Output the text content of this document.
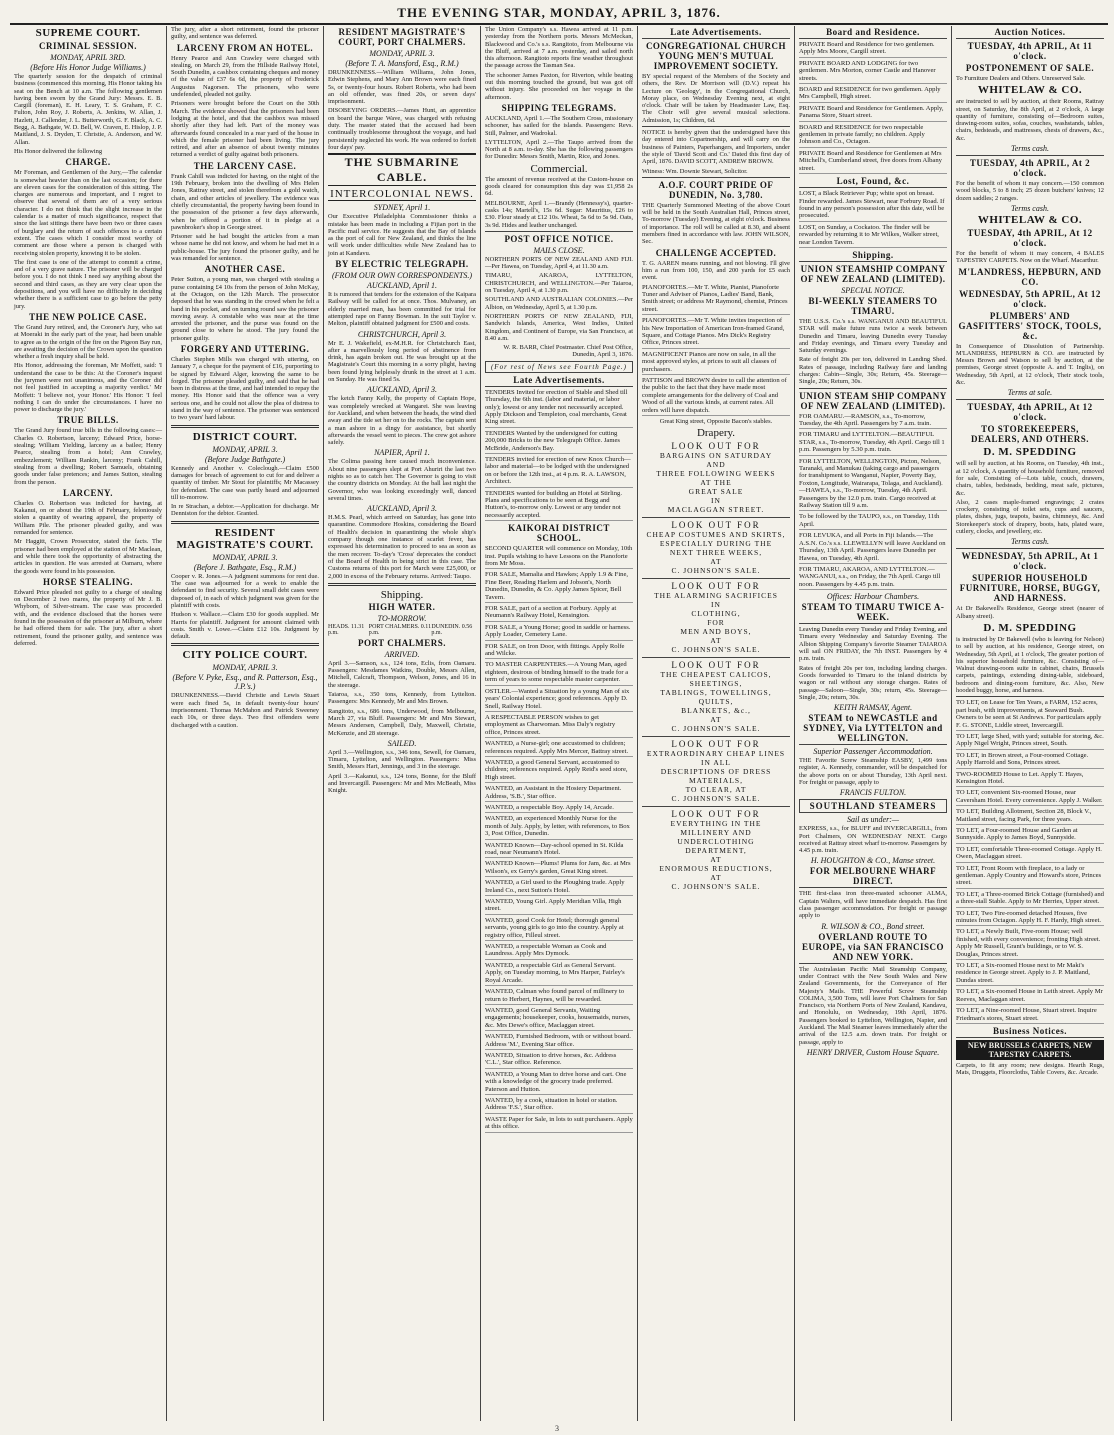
THE EVENING STAR, MONDAY, APRIL 3, 1876.
SUPREME COURT.
CRIMINAL SESSION.
MONDAY, APRIL 3RD.
(Before His Honor Judge Williams.)

The quarterly session for the despatch of criminal business (commenced this morning, His Honor taking his seat on the Bench at 10 a.m. The following gentlemen having been sworn by the Grand Jury: Messrs. E. B. Cargill (foreman), E. H. Leary, T. S. Graham, F. C. Fulton, John Roy, J. Roberts, A. Jenkins, W. Allan, J. Hazlett, J. Callender, J. L. Butterworth, G. F. Black, A. C. Begg, A. Bathgate, W. D. Bell, W. Craven, E. Hislop, J. P. Maitland, J. S. Dryden, T. Christie, A. Anderson, and W. Allan.

His Honor delivered the following

CHARGE.

Mr Foreman, and Gentlemen of the Jury,—The calendar is somewhat heavier than on the last occasion; for there are eleven cases for the consideration of this sitting. The charges are numerous and important, and I regret to observe that several of them are of a very serious character. I do not think that the slight increase in the calendar is a matter of much significance, respect that since the last sittings there have been two or three cases of burglary and the return of such offences to a certain extent. The cases which I consider most worthy of comment are those where a person is charged with receiving stolen property, knowing it to be stolen.

The first case is one of the attempt to commit a crime, and of a very grave nature. The prisoner will be charged before you. I do not think I need say anything about the second and third cases, as they are very clear upon the depositions, and you will have no difficulty in deciding whether there is a sufficient case to go before the petty jury.

THE NEW POLICE CASE.

The Grand Jury retired, and, the Coroner's Jury, who sat at Moeraki in the early part of the year, had been unable to agree as to the origin of the fire on the Pigeon Bay run, are awaiting the decision of the Crown upon the question whether a fresh inquiry shall be held.

His Honor, addressing the foreman, Mr Moffett, said: 'I understand the case to be this: At the Coroner's inquest the jurymen were not unanimous, and the Coroner did not feel justified in accepting a majority verdict.' Mr Moffett: 'I believe not, your Honor.' His Honor: 'I feel nothing I can do under the circumstances. I have no power to discharge the jury.'

TRUE BILLS.

The Grand Jury found true bills in the following cases:—Charles O. Robertson, larceny; Edward Price, horse-stealing; William Yielding, larceny as a bailee; Henry Pearce, stealing from a hotel; Ann Crawley, embezzlement; William Rankin, larceny; Frank Cahill, stealing from a dwelling; Robert Samuels, obtaining goods under false pretences; and James Sutton, stealing from the person.

LARCENY.

Charles O. Robertson was indicted for having, at Kakanui, on or about the 19th of February, feloniously stolen a quantity of wearing apparel, the property of William Pile. The prisoner pleaded guilty, and was remanded for sentence.

Mr Haggitt, Crown Prosecutor, stated the facts. The prisoner had been employed at the station of Mr Maclean, and while there took the opportunity of abstracting the articles in question. He was arrested at Oamaru, where the goods were found in his possession.

HORSE STEALING.

Edward Price pleaded not guilty to a charge of stealing on December 2 two mares, the property of Mr J. B. Whyborn, of Silver-stream. The case was proceeded with, and the evidence disclosed that the horses were found in the possession of the prisoner at Milburn, where he had offered them for sale. The jury, after a short retirement, found the prisoner guilty, and sentence was deferred.

The jury, after a short retirement, found the prisoner guilty, and sentence was deferred.

LARCENY FROM AN HOTEL.

Henry Pearce and Ann Crawley were charged with stealing, on March 29, from the Hillside Railway Hotel, South Dunedin, a cashbox containing cheques and money of the value of £37 6s 6d, the property of Frederick Augustus Nagorsen. The prisoners, who were undefended, pleaded not guilty.

Prisoners were brought before the Court on the 30th March. The evidence showed that the prisoners had been lodging at the hotel, and that the cashbox was missed shortly after they had left. Part of the money was afterwards found concealed in a rear yard of the house in which the female prisoner had been living. The jury retired, and after an absence of about twenty minutes returned a verdict of guilty against both prisoners.

THE LARCENY CASE.

Frank Cahill was indicted for having, on the night of the 19th February, broken into the dwelling of Mrs Helen Jones, Rattray street, and stolen therefrom a gold watch, chain, and other articles of jewellery. The evidence was chiefly circumstantial, the property having been found in the possession of the prisoner a few days afterwards, when he offered a portion of it in pledge at a pawnbroker's shop in George street.

Prisoner said he had bought the articles from a man whose name he did not know, and whom he had met in a public-house. The jury found the prisoner guilty, and he was remanded for sentence.

ANOTHER CASE.

Peter Sutton, a young man, was charged with stealing a purse containing £4 10s from the person of John McKay, at the Octagon, on the 12th March. The prosecutor deposed that he was standing in the crowd when he felt a hand in his pocket, and on turning round saw the prisoner moving away. A constable who was near at the time arrested the prisoner, and the purse was found on the ground close to where he stood. The jury found the prisoner guilty.

FORGERY AND UTTERING.

Charles Stephen Mills was charged with uttering, on January 7, a cheque for the payment of £16, purporting to be signed by Edward Alger, knowing the same to be forged. The prisoner pleaded guilty, and said that he had been in distress at the time, and had intended to repay the money. His Honor said that the offence was a very serious one, and he could not allow the plea of distress to stand in the way of sentence. The prisoner was sentenced to two years' hard labour.

DISTRICT COURT.
MONDAY, APRIL 3.
(Before Judge Bathgate.)

Kennedy and Another v. Coleclough.—Claim £500 damages for breach of agreement to cut for and deliver a quantity of timber. Mr Stout for plaintiffs; Mr Macassey for defendant. The case was partly heard and adjourned till to-morrow.

In re Strachan, a debtor.—Application for discharge. Mr Denniston for the debtor. Granted.

RESIDENT MAGISTRATE'S COURT.
MONDAY, APRIL 3.
(Before J. Bathgate, Esq., R.M.)

Cooper v. R. Jones.—A judgment summons for rent due. The case was adjourned for a week to enable the defendant to find security. Several small debt cases were disposed of, in each of which judgment was given for the plaintiff with costs.

Hudson v. Wallace.—Claim £30 for goods supplied. Mr Harris for plaintiff. Judgment for amount claimed with costs. Smith v. Lowe.—Claim £12 10s. Judgment by default.

CITY POLICE COURT.
MONDAY, APRIL 3.
(Before V. Pyke, Esq., and R. Patterson, Esq., J.P.'s.)

DRUNKENNESS.—David Christie and Lewis Stuart were each fined 5s, in default twenty-four hours' imprisonment. Thomas McMahon and Patrick Sweeney each 10s, or three days. Two first offenders were discharged with a caution.

RESIDENT MAGISTRATE'S COURT, PORT CHALMERS.
MONDAY, APRIL 3.
(Before T. A. Mansford, Esq., R.M.)

DRUNKENNESS.—William Williams, John Jones, Edwin Stephens, and Mary Ann Brown were each fined 5s, or twenty-four hours. Robert Roberts, who had been an old offender, was fined 20s, or seven days' imprisonment.

DISOBEYING ORDERS.—James Hunt, an apprentice on board the barque Wave, was charged with refusing duty. The master stated that the accused had been continually troublesome throughout the voyage, and had persistently neglected his work. He was ordered to forfeit four days' pay.

THE SUBMARINE CABLE.
INTERCOLONIAL NEWS.
SYDNEY, April 1.

Our Executive Philadelphia Commissioner thinks a mistake has been made in including a Fijian port in the Pacific mail service. He suggests that the Bay of Islands as the port of call for New Zealand, and thinks the line will work under difficulties while New Zealand has to join at Kandavu.

BY ELECTRIC TELEGRAPH.
(FROM OUR OWN CORRESPONDENTS.)
AUCKLAND, April 1.

It is rumored that tenders for the extension of the Kaipara Railway will be called for at once. Thos. Mulvaney, an elderly married man, has been committed for trial for attempted rape on Fanny Bowman. In the suit Taylor v. Melton, plaintiff obtained judgment for £500 and costs.

CHRISTCHURCH, April 3.

Mr E. J. Wakefield, ex-M.H.R. for Christchurch East, after a marvellously long period of abstinence from drink, has again broken out. He was brought up at the Magistrate's Court this morning in a sorry plight, having been found lying helplessly drunk in the street at 1 a.m. on Sunday. He was fined 5s.

AUCKLAND, April 3.

The ketch Fanny Kelly, the property of Captain Hope, was completely wrecked at Wangarei. She was leaving for Auckland, and when between the heads, the wind died away and the tide set her on to the rocks. The captain sent a man ashore in a dingy for assistance, but shortly afterwards the vessel went to pieces. The crew got ashore safely.

NAPIER, April 1.

The Colima passing here caused much inconvenience. About nine passengers slept at Port Ahuriri the last two nights so as to catch her. The Governor is going to visit the country districts on Monday. At the ball last night the Governor, who was looking exceedingly well, danced several times.

AUCKLAND, April 3.

H.M.S. Pearl, which arrived on Saturday, has gone into quarantine. Commodore Hoskins, considering the Board of Health's decision in quarantining the whole ship's company though one instance of scarlet fever, has expressed his determination to proceed to sea as soon as the men recover. To-day's 'Cross' deprecates the conduct of the Board of Health in being strict in this case. The Customs returns of this port for March were £25,000, or 2,000 in excess of the February returns. Arrived: Taupo.

Shipping.
HIGH WATER.
TO-MORROW.
HEADS. 11.31 p.m.
PORT CHALMERS. 0.11 p.m.
DUNEDIN. 0.56 p.m.
PORT CHALMERS.
ARRIVED.

April 3.—Samson, s.s., 124 tons, Eclis, from Oamaru. Passengers: Mesdames Watkins, Double, Messrs Allen, Mitchell, Calcraft, Thompson, Welson, Jones, and 16 in the steerage.

Taiaroa, s.s., 350 tons, Kennedy, from Lyttelton. Passengers: Mrs Kennedy, Mr and Mrs Brown.

Rangitoto, s.s., 686 tons, Underwood, from Melbourne, March 27, via Bluff. Passengers: Mr and Mrs Stewart, Messrs Andersen, Campbell, Daly, Maxwell, Christie, McKenzie, and 28 steerage.

SAILED.

April 3.—Wellington, s.s., 346 tons, Sewell, for Oamaru, Timaru, Lyttelton, and Wellington. Passengers: Miss Smith, Messrs Hart, Jennings, and 3 in the steerage.

April 3.—Kakanui, s.s., 124 tons, Bonne, for the Bluff and Invercargill. Passengers: Mr and Mrs McBeath, Miss Knight.

The Union Company's s.s. Hawea arrived at 11 p.m. yesterday from the Northern ports. Messrs McMeckan, Blackwood and Co.'s s.s. Rangitoto, from Melbourne via the Bluff, arrived at 7 a.m. yesterday, and sailed north this afternoon. Rangitoto reports fine weather throughout the passage across the Tasman Sea.

The schooner James Paxton, for Riverton, while beating out this morning touched the ground, but was got off without injury. She proceeded on her voyage in the afternoon.

SHIPPING TELEGRAMS.

AUCKLAND, April 1.—The Southern Cross, missionary schooner, has sailed for the islands. Passengers: Revs. Still, Palmer, and Wadrokal.

LYTTELTON, April 2.—The Taupo arrived from the North at 8 a.m. to-day. She has the following passengers for Dunedin: Messrs Smith, Martin, Rice, and Jones.

Commercial.

The amount of revenue received at the Custom-house on goods cleared for consumption this day was £1,958 2s 6d.

MELBOURNE, April 1.—Brandy (Hennessy's), quarter-casks 14s; Martell's, 15s 6d. Sugar: Mauritius, £26 to £30. Flour steady at £12 10s. Wheat, 5s 6d to 5s 9d. Oats, 3s 9d. Hides and leather unchanged.

POST OFFICE NOTICE.
MAILS CLOSE.

NORTHERN PORTS OF NEW ZEALAND AND FIJI.—Per Hawea, on Tuesday, April 4, at 11.30 a.m.

TIMARU, AKAROA, LYTTELTON, CHRISTCHURCH, and WELLINGTON.—Per Taiaroa, on Tuesday, April 4, at 1.30 p.m.

SOUTHLAND AND AUSTRALIAN COLONIES.—Per Albion, on Wednesday, April 5, at 1.30 p.m.

NORTHERN PORTS OF NEW ZEALAND, FIJI, Sandwich Islands, America, West Indies, United Kingdom, and Continent of Europe, via San Francisco, at 8.40 a.m.

W. R. BARR, Chief Postmaster. Chief Post Office, Dunedin, April 3, 1876.

(For rest of News see Fourth Page.)
Late Advertisements.

TENDERS Invited for erection of Stable and Shed till Thursday, the 6th inst. (labor and material, or labor only); lowest or any tender not necessarily accepted. Apply Dickson and Templeton, coal merchants, Great King street.

TENDERS Wanted by the undersigned for cutting 200,000 Bricks to the new Telegraph Office. James McBride, Anderson's Bay.

TENDERS invited for erection of new Knox Church—labor and material—to be lodged with the undersigned on or before the 12th inst., at 4 p.m. R. A. LAWSON, Architect.

TENDERS wanted for building an Hotel at Stirling. Plans and specifications to be seen at Begg and Hutton's, to-morrow only. Lowest or any tender not necessarily accepted.

KAIKORAI DISTRICT SCHOOL.

SECOND QUARTER will commence on Monday, 10th inst. Pupils wishing to have Lessons on the Pianoforte from Mr Moss.

FOR SALE, Mamalia and Hawkes; Apply 1.9 & Fine, Fine Beer, Reading Harlem and Jobson's, North Dunedin, Dunedin, & Co. Apply James Spicer, Bell Tavern.

FOR SALE, part of a section at Forbury. Apply at Neumann's Railway Hotel, Kensington.

FOR SALE, a Young Horse; good in saddle or harness. Apply Loader, Cemetery Lane.

FOR SALE, on Iron Door, with fittings. Apply Rolfe and Wilcke.

TO MASTER CARPENTERS.—A Young Man, aged eighteen, desirous of binding himself to the trade for a term of years to some respectable master carpenter.

OSTLER.—Wanted a Situation by a young Man of six years' Colonial experience; good references. Apply D. Snell, Railway Hotel.

A RESPECTABLE PERSON wishes to get employment as Charwoman. Miss Daly's registry office, Princes street.

WANTED, a Nurse-girl; one accustomed to children; references required. Apply Mrs Mercer, Battray street.

WANTED, a good General Servant, accustomed to children; references required. Apply Reid's seed store, High street.

WANTED, an Assistant in the Hosiery Department. Address, 'S.B.', Star office.

WANTED, a respectable Boy. Apply 14, Arcade.

WANTED, an experienced Monthly Nurse for the month of July. Apply, by letter, with references, to Box 3, Post Office, Dunedin.

WANTED Known—Day-school opened in St. Kilda road, near Neumann's Hotel.

WANTED Known—Plums! Plums for Jam, &c. at Mrs Wilson's, ex Gerry's garden, Great King street.

WANTED, a Girl used to the Ploughing trade. Apply Ireland Co., next Sutton's Hotel.

WANTED, Young Girl. Apply Meridian Villa, High street.

WANTED, good Cook for Hotel; thorough general servants, young girls to go into the country. Apply at registry office, Filleul street.

WANTED, a respectable Woman as Cook and Laundress. Apply Mrs Dymock.

WANTED, a respectable Girl as General Servant. Apply, on Tuesday morning, to Mrs Harper, Fairley's Royal Arcade.

WANTED, Calman who found parcel of millinery to return to Herbert, Haynes, will be rewarded.

WANTED, good General Servants, Waiting engagements; housekeeper, cooks, housemaids, nurses, &c. Mrs Dewe's office, Maclaggan street.

WANTED, Furnished Bedroom, with or without board. Address 'M.', Evening Star office.

WANTED, Situation to drive horses, &c. Address 'C.L.', Star office. Reference.

WANTED, a Young Man to drive horse and cart. One with a knowledge of the grocery trade preferred. Paterson and Hutton.

WANTED, by a cook, situation in hotel or station. Address 'F.S.', Star office.

WASTE Paper for Sale, in lots to suit purchasers. Apply at this office.

Late Advertisements.
CONGREGATIONAL CHURCH YOUNG MEN'S MUTUAL IMPROVEMENT SOCIETY.

BY special request of the Members of the Society and others, the Rev. Dr Morrison will (D.V.) repeat his Lecture on 'Geology', in the Congregational Church, Moray place, on Wednesday Evening next, at eight o'clock. Chair will be taken by Headmaster Law, Esq. The Choir will give several musical selections. Admission, 1s; Children, 6d.

NOTICE is hereby given that the undersigned have this day entered into Copartnership, and will carry on the business of Painters, Paperhangers, and Importers, under the style of 'David Scott and Co.' Dated this first day of April, 1876. DAVID SCOTT, ANDREW BROWN.

Witness: Wm. Downie Stewart, Solicitor.

A.O.F. COURT PRIDE OF DUNEDIN, No. 3,780.

THE Quarterly Summoned Meeting of the above Court will be held in the South Australian Hall, Princes street, To-morrow (Tuesday) Evening, at eight o'clock. Business of importance. The roll will be called at 8.30, and absent members fined in accordance with law. JOHN WILSON, Sec.

CHALLENGE ACCEPTED.

T. G. AAREN means running, and not blowing. I'll give him a run from 100, 150, and 200 yards for £5 each event.

PIANOFORTES.—Mr T. White, Pianist, Pianoforte Tuner and Adviser of Pianos, Ladies' Band, Bank, Smith street; or address Mr Raymond, chemist, Princes street.

PIANOFORTES.—Mr T. White invites inspection of his New Importation of American Iron-framed Grand, Square, and Cottage Pianos. Mrs Dick's Registry Office, Princes street.

MAGNIFICENT Pianos are now on sale, in all the most approved styles, at prices to suit all classes of purchasers.

PATTISON and BROWN desire to call the attention of the public to the fact that they have made most complete arrangements for the delivery of Coal and Wood of all the various kinds, at current rates. All orders will have dispatch.

Great King street, Opposite Bacon's stables.

Drapery.
LOOK OUT FOR
BARGAINS ON SATURDAY
AND
THREE FOLLOWING WEEKS
AT THE
GREAT SALE
IN
MACLAGGAN STREET.
LOOK OUT FOR
CHEAP COSTUMES AND SKIRTS,
ESPECIALLY DURING THE
NEXT THREE WEEKS,
AT
C. JOHNSON'S SALE.
LOOK OUT FOR
THE ALARMING SACRIFICES
IN
CLOTHING,
FOR
MEN AND BOYS,
AT
C. JOHNSON'S SALE.
LOOK OUT FOR
THE CHEAPEST CALICOS, SHEETINGS,
TABLINGS, TOWELLINGS, QUILTS,
BLANKETS, &c.,
AT
C. JOHNSON'S SALE.
LOOK OUT FOR
EXTRAORDINARY CHEAP LINES
IN ALL
DESCRIPTIONS OF DRESS MATERIALS,
TO CLEAR, AT
C. JOHNSON'S SALE.
LOOK OUT FOR
EVERYTHING IN THE
MILLINERY AND UNDERCLOTHING
DEPARTMENT,
AT
ENORMOUS REDUCTIONS,
AT
C. JOHNSON'S SALE.
Board and Residence.

PRIVATE Board and Residence for two gentlemen. Apply Mrs Moore, Cargill street.

PRIVATE BOARD AND LODGING for two gentlemen. Mrs Morton, corner Castle and Hanover streets.

BOARD and RESIDENCE for two gentlemen. Apply Mrs Campbell, High street.

PRIVATE Board and Residence for Gentlemen. Apply, Panama Store, Stuart street.

BOARD and RESIDENCE for two respectable gentlemen in private family; no children. Apply Johnson and Co., Octagon.

PRIVATE Board and Residence for Gentlemen at Mrs Mitchell's, Cumberland street, five doors from Albany street.

Lost, Found, &c.

LOST, a Black Retriever Pup; white spot on breast. Finder rewarded. James Stewart, near Forbury Road. If found in any person's possession after this date, will be prosecuted.

LOST, on Sunday, a Cockatoo. The finder will be rewarded by returning it to Mr Wilkes, Walker street, near London Tavern.

Shipping.
UNION STEAMSHIP COMPANY OF NEW ZEALAND (LIMITED).
SPECIAL NOTICE.
BI-WEEKLY STEAMERS TO TIMARU.

THE U.S.S. Co.'s s.s. WANGANUI AND BEAUTIFUL STAR will make future runs twice a week between Dunedin and Timaru, leaving Dunedin every Tuesday and Friday evenings, and Timaru every Tuesday and Saturday evenings.

Rate of freight 20s per ton, delivered in Landing Shed. Rates of passage, including Railway fare and landing charges: Cabin—Single, 30s; Return, 45s. Steerage—Single, 20s; Return, 30s.

UNION STEAM SHIP COMPANY OF NEW ZEALAND (LIMITED).

FOR OAMARU.—RAMSON, s.s., To-morrow, Tuesday, the 4th April. Passengers by 7 a.m. train.

FOR TIMARU and LYTTELTON.—BEAUTIFUL STAR, s.s., To-morrow, Tuesday, 4th April. Cargo till 1 p.m. Passengers by 5.30 p.m. train.

FOR LYTTELTON, WELLINGTON, Picton, Nelson, Taranaki, and Manukau (taking cargo and passengers for transhipment to Wanganui, Napier, Poverty Bay, Foxton, Longitude, Wairarapa, Tolaga, and Auckland).—HAWEA, s.s., To-morrow, Tuesday, 4th April. Passengers by the 12.0 p.m. train. Cargo received at Railway Station till 9 a.m.

To be followed by the TAUPO, s.s., on Tuesday, 11th April.

FOR LEVUKA, and all Ports in Fiji Islands.—The A.S.N. Co.'s s.s. LLEWELLYN will leave Auckland on Thursday, 13th April. Passengers leave Dunedin per Hawea, on Tuesday, 4th April.

FOR TIMARU, AKAROA, AND LYTTELTON.—WANGANUI, s.s., on Friday, the 7th April. Cargo till noon. Passengers by 4.45 p.m. train.

Offices: Harbour Chambers.
STEAM TO TIMARU TWICE A-WEEK.

Leaving Dunedin every Tuesday and Friday Evening, and Timaru every Wednesday and Saturday Evening. The Albion Shipping Company's favorite Steamer TAIAROA will sail ON FRIDAY, the 7th INST. Passengers by 4 p.m. train.

Rates of freight 20s per ton, including landing charges. Goods forwarded to Timaru to the inland districts by wagon or rail without any storage charges. Rates of passage—Saloon—Single, 30s; return, 45s. Steerage—Single, 20s; return, 30s.

KEITH RAMSAY, Agent.
STEAM to NEWCASTLE and SYDNEY, Via LYTTELTON and WELLINGTON.
Superior Passenger Accommodation.

THE Favorite Screw Steamship EASBY, 1,499 tons register, A. Kennedy, commander, will be despatched for the above ports on or about Thursday, 13th April next. For freight or passage, apply to

FRANCIS FULTON.
SOUTHLAND STEAMERS
Sail as under:—

EXPRESS, s.s., for BLUFF and INVERCARGILL, from Port Chalmers, ON WEDNESDAY NEXT. Cargo received at Rattray street wharf to-morrow. Passengers by 4.45 p.m. train.

H. HOUGHTON & CO., Manse street.
FOR MELBOURNE WHARF DIRECT.

THE first-class iron three-masted schooner ALMA, Captain Walters, will have immediate despatch. Has first class passenger accommodation. For freight or passage apply to

R. WILSON & CO., Bond street.
OVERLAND ROUTE TO EUROPE, via SAN FRANCISCO AND NEW YORK.

The Australasian Pacific Mail Steamship Company, under Contract with the New South Wales and New Zealand Governments, for the Conveyance of Her Majesty's Mails. THE Powerful Screw Steamship COLIMA, 3,500 Tons, will leave Port Chalmers for San Francisco, via Northern Ports of New Zealand, Kandavu, and Honolulu, on Wednesday, 19th April, 1876. Passengers booked to Lyttelton, Wellington, Napier, and Auckland. The Mail Steamer leaves immediately after the arrival of the 12.5 a.m. down train. For freight or passage, apply to

HENRY DRIVER, Custom House Square.
Auction Notices.
TUESDAY, 4th APRIL, At 11 o'clock.
POSTPONEMENT OF SALE.

To Furniture Dealers and Others. Unreserved Sale.

WHITELAW & CO.

are instructed to sell by auction, at their Rooms, Rattray street, on Saturday, the 8th April, at 2 o'clock, A large quantity of furniture, consisting of—Bedroom suites, drawing-room suites, sofas, couches, washstands, tables, chairs, bedsteads, and mattresses, chests of drawers, &c., &c.

Terms cash.
TUESDAY, 4th APRIL, At 2 o'clock.

For the benefit of whom it may concern.—150 common wood blocks, 5 to 8 inch; 25 dozen butchers' knives; 12 dozen saddles; 2 ranges.

Terms cash.
WHITELAW & CO.
TUESDAY, 4th APRIL, At 12 o'clock.

For the benefit of whom it may concern, 4 BALES TAPESTRY CARPETS. Now on the Wharf. Macarthur.

M'LANDRESS, HEPBURN, AND CO.
WEDNESDAY, 5th APRIL, At 12 o'clock.
PLUMBERS' AND GASFITTERS' STOCK, TOOLS, &c.

In Consequence of Dissolution of Partnership. M'LANDRESS, HEPBURN & CO. are instructed by Messrs Brown and Watson to sell by auction, at the premises, George street (opposite A. and T. Inglis), on Wednesday, 5th April, at 12 o'clock, Their stock tools, &c.

Terms at sale.
TUESDAY, 4th APRIL, At 12 o'clock.
TO STOREKEEPERS, DEALERS, AND OTHERS.
D. M. SPEDDING

will sell by auction, at his Rooms, on Tuesday, 4th inst., at 12 o'clock, A quantity of household furniture, removed for sale, Consisting of—Lots table, couch, drawers, chairs, tables, bedsteads, bedding, meat safe, pictures, &c.

Also, 2 cases maple-framed engravings; 2 crates crockery, consisting of toilet sets, cups and saucers, plates, dishes, jugs, teapots, basins, chimneys, &c. And Storekeeper's stock of drapery, boots, hats, plated ware, cutlery, clocks, and jewellery, etc.

Terms cash.
WEDNESDAY, 5th APRIL, At 1 o'clock.
SUPERIOR HOUSEHOLD FURNITURE, HORSE, BUGGY, AND HARNESS.

At Dr Bakewell's Residence, George street (nearer of Albany street).

D. M. SPEDDING

is instructed by Dr Bakewell (who is leaving for Nelson) to sell by auction, at his residence, George street, on Wednesday, 5th April, at 1 o'clock, The greater portion of his superior household furniture, &c. Consisting of—Walnut drawing-room suite in cabinet, chairs, Brussels carpets, paintings, extending dining-table, sideboard, bedroom and dining-room furniture, &c. Also, New hooded buggy, horse, and harness.

TO LET, on Lease for Ten Years, a FARM, 152 acres, part bush, with improvements, at Seaward Bush. Owners to be seen at St Andrews. For particulars apply F. G. STONE, Liddle street, Invercargill.

TO LET, large Shed, with yard; suitable for storing, &c. Apply Nigel Wright, Princes street, South.

TO LET, in Brown street, a Four-roomed Cottage. Apply Harrold and Sons, Princes street.

TWO-ROOMED House to Let. Apply T. Hayes, Kensington Hotel.

TO LET, convenient Six-roomed House, near Caversham Hotel. Every convenience. Apply J. Walker.

TO LET, Building Allotment, Section 28, Block V., Maitland street, facing Park, for three years.

TO LET, a Four-roomed House and Garden at Sunnyside. Apply to James Boyd, Sunnyside.

TO LET, comfortable Three-roomed Cottage. Apply H. Owen, Maclaggan street.

TO LET, Front Room with fireplace, to a lady or gentleman. Apply Country and Howard's store, Princes street.

TO LET, a Three-roomed Brick Cottage (furnished) and a three-stall Stable. Apply to Mr Herries, Upper street.

TO LET, Two Fire-roomed detached Houses, five minutes from Octagon. Apply H. F. Hardy, High street.

TO LET, a Newly Built, Five-room House; well finished, with every convenience; fronting High street. Apply Mr Russell, Grant's buildings, or to W. S. Douglas, Princes street.

TO LET, a Six-roomed House next to Mr Maki's residence in George street. Apply to J. P. Maitland, Dundas street.

TO LET, a Six-roomed House in Leith street. Apply Mr Reeves, Maclaggan street.

TO LET, a Nine-roomed House, Stuart street. Inquire Friedman's stores, Stuart street.

Business Notices.
NEW BRUSSELS CARPETS, NEW TAPESTRY CARPETS.

Carpets, to fit any room; new designs. Hearth Rugs, Mats, Druggets, Floorcloths, Table Covers, &c. Arcade.

3
